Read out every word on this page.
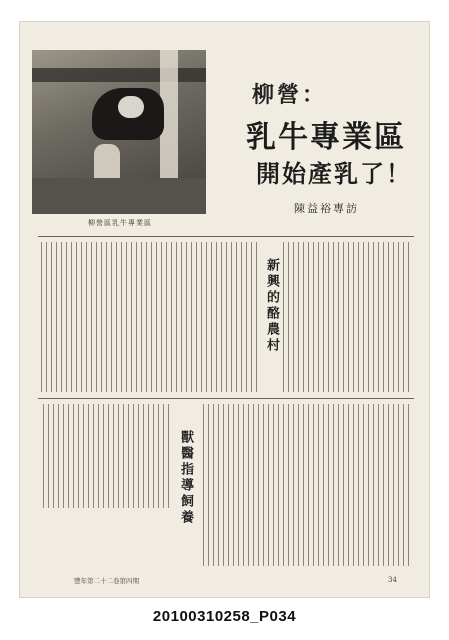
柳營區乳牛專業區
柳營：
乳牛專業區
開始產乳了！
陳益裕專訪
新興的酪農村
獸醫指導飼養
豐年第二十二卷第四期	34
20100310258_P034
